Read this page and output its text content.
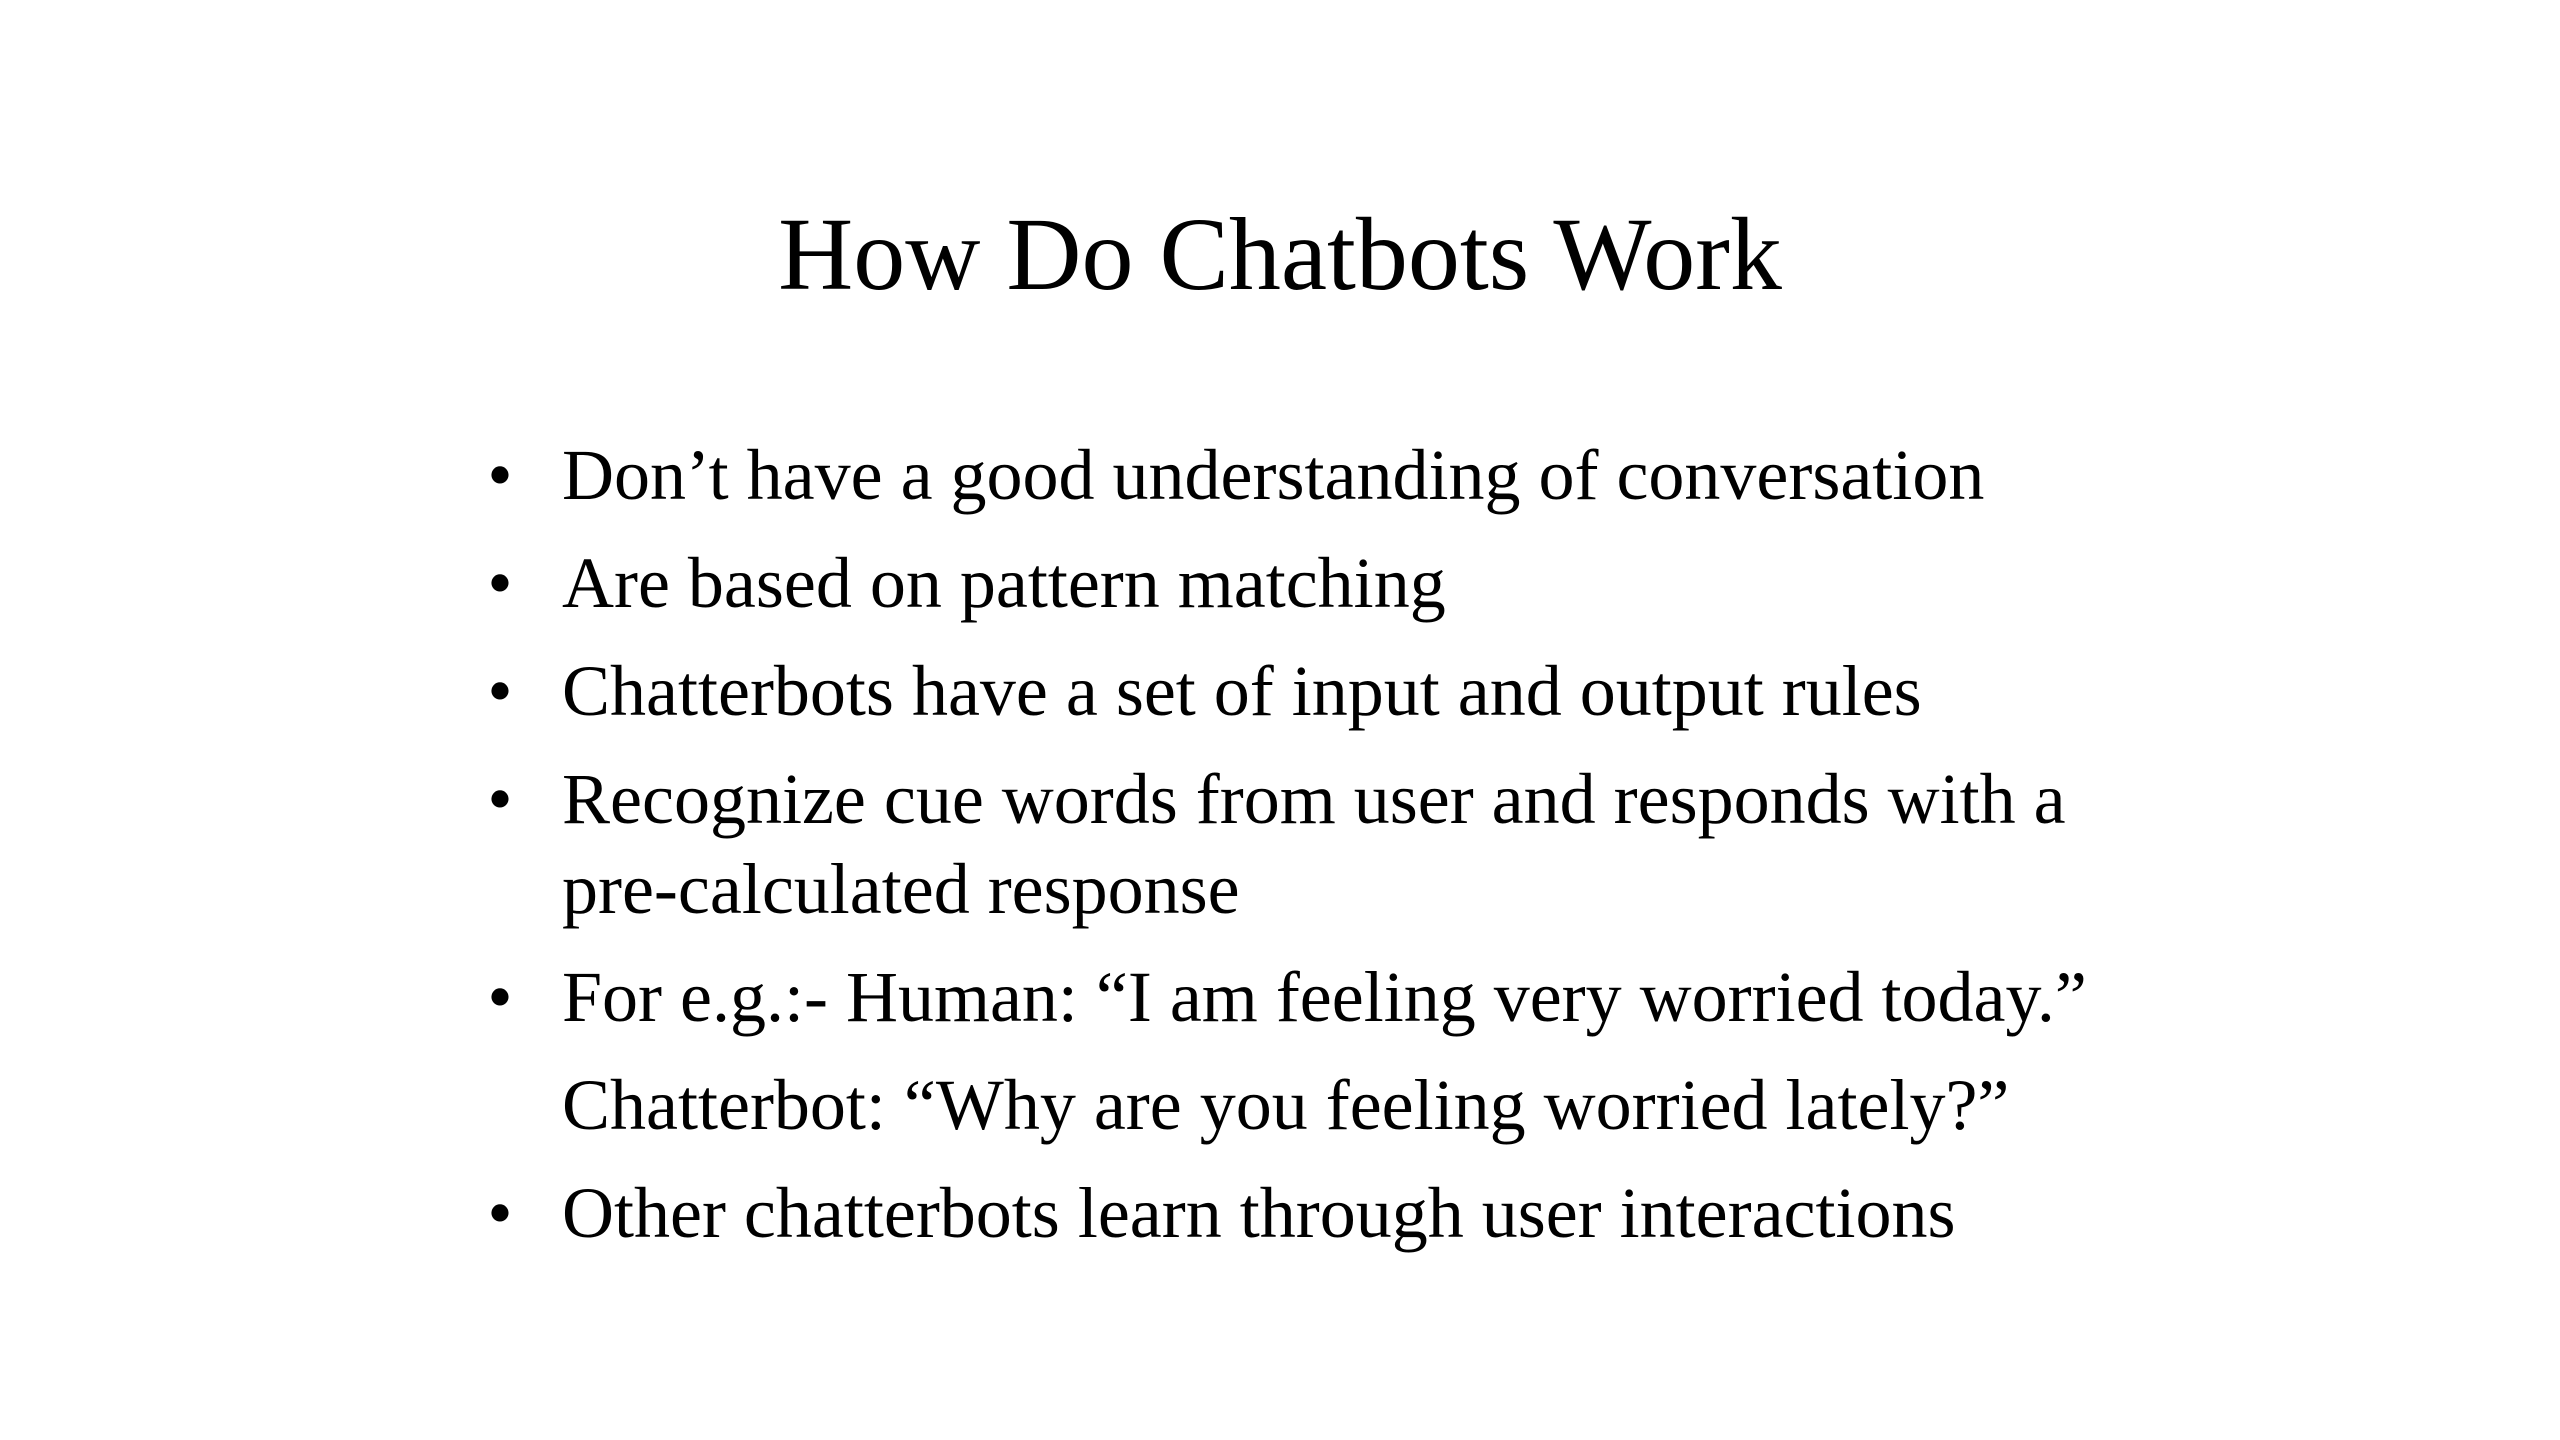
How Do Chatbots Work
• Don’t have a good understanding of conversation
• Are based on pattern matching
• Chatterbots have a set of input and output rules
• Recognize cue words from user and responds with a pre-calculated response
• For e.g.:- Human: “I am feeling very worried today.”
Chatterbot: “Why are you feeling worried lately?”
• Other chatterbots learn through user interactions
